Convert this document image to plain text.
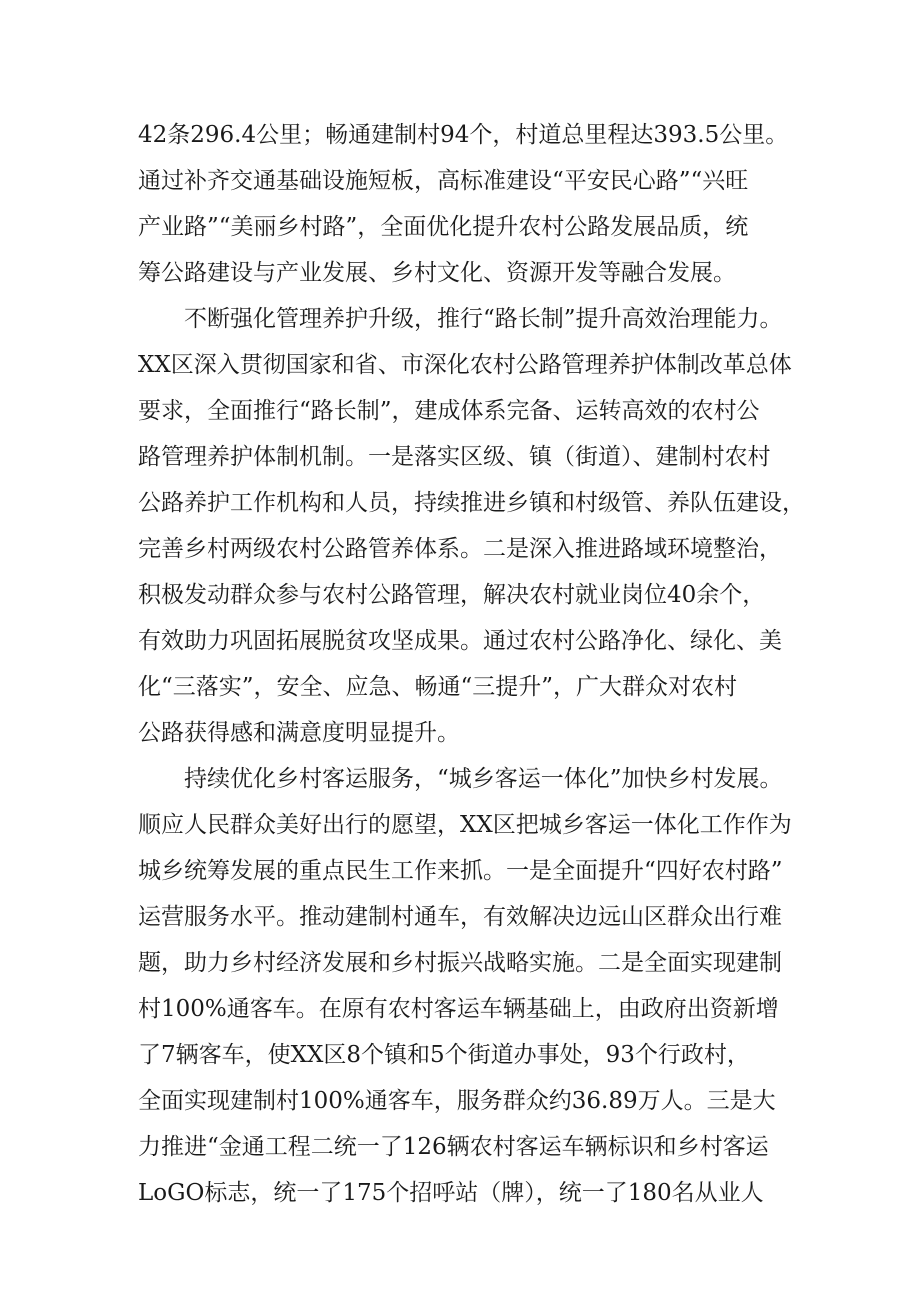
42条296.4公里；畅通建制村94个，村道总里程达393.5公里。
通过补齐交通基础设施短板，高标准建设“平安民心路”“兴旺
产业路”“美丽乡村路”，全面优化提升农村公路发展品质，统
筹公路建设与产业发展、乡村文化、资源开发等融合发展。
不断强化管理养护升级，推行“路长制”提升高效治理能力。
XX区深入贯彻国家和省、市深化农村公路管理养护体制改革总体
要求，全面推行“路长制”，建成体系完备、运转高效的农村公
路管理养护体制机制。一是落实区级、镇（街道）、建制村农村
公路养护工作机构和人员，持续推进乡镇和村级管、养队伍建设，
完善乡村两级农村公路管养体系。二是深入推进路域环境整治，
积极发动群众参与农村公路管理，解决农村就业岗位40余个，
有效助力巩固拓展脱贫攻坚成果。通过农村公路净化、绿化、美
化“三落实”，安全、应急、畅通“三提升”，广大群众对农村
公路获得感和满意度明显提升。
持续优化乡村客运服务，“城乡客运一体化”加快乡村发展。
顺应人民群众美好出行的愿望，XX区把城乡客运一体化工作作为
城乡统筹发展的重点民生工作来抓。一是全面提升“四好农村路”
运营服务水平。推动建制村通车，有效解决边远山区群众出行难
题，助力乡村经济发展和乡村振兴战略实施。二是全面实现建制
村100%通客车。在原有农村客运车辆基础上，由政府出资新增
了7辆客车，使XX区8个镇和5个街道办事处，93个行政村，
全面实现建制村100%通客车，服务群众约36.89万人。三是大
力推进“金通工程二统一了126辆农村客运车辆标识和乡村客运
LoGO标志，统一了175个招呼站（牌），统一了180名从业人
